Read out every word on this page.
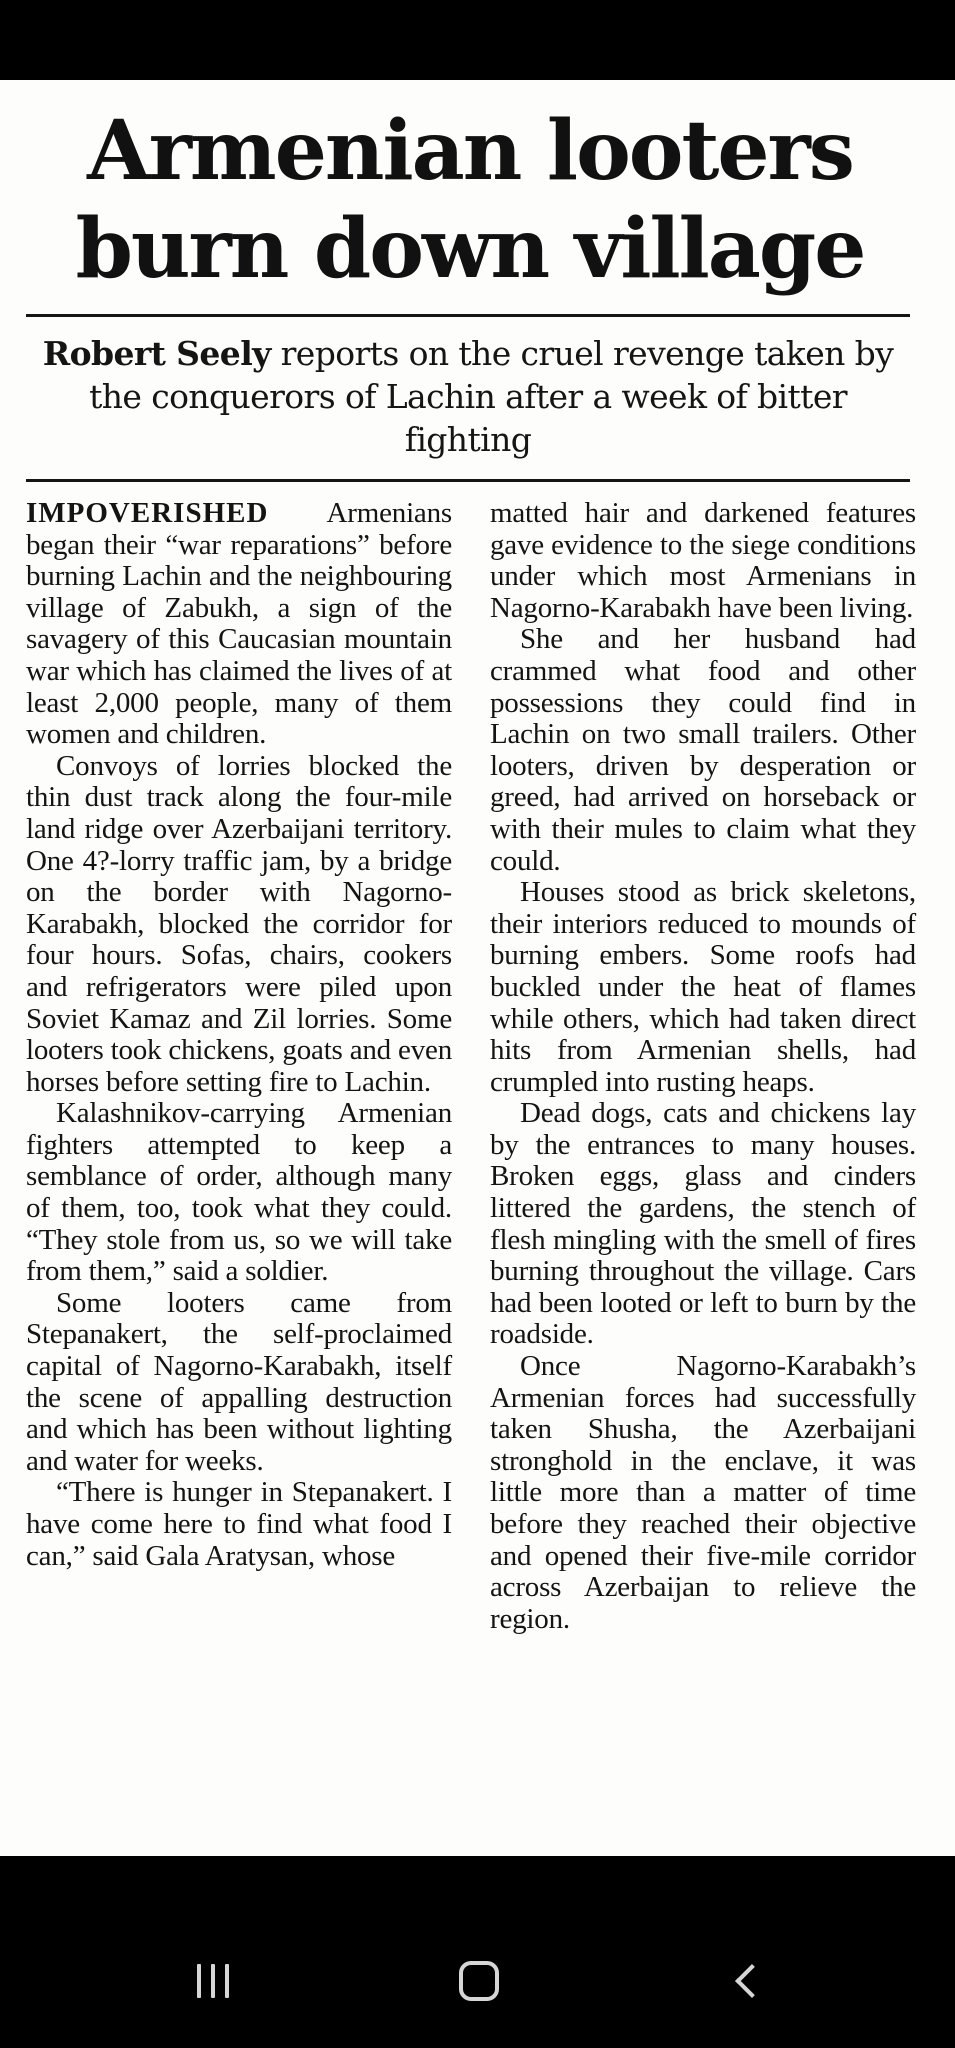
Armenian looters
burn down village

Robert Seely reports on the cruel revenge taken by the conquerors of Lachin after a week of bitter fighting

IMPOVERISHED Armenians began their “war reparations” before burning Lachin and the neighbouring village of Zabukh, a sign of the savagery of this Caucasian mountain war which has claimed the lives of at least 2,000 people, many of them women and children.

Convoys of lorries blocked the thin dust track along the four-mile land ridge over Azerbaijani territory. One 4?-lorry traffic jam, by a bridge on the border with Nagorno-Karabakh, blocked the corridor for four hours. Sofas, chairs, cookers and refrigerators were piled upon Soviet Kamaz and Zil lorries. Some looters took chickens, goats and even horses before setting fire to Lachin.

Kalashnikov-carrying Armenian fighters attempted to keep a semblance of order, although many of them, too, took what they could. “They stole from us, so we will take from them,” said a soldier.

Some looters came from Stepanakert, the self-proclaimed capital of Nagorno-Karabakh, itself the scene of appalling destruction and which has been without lighting and water for weeks.

“There is hunger in Stepanakert. I have come here to find what food I can,” said Gala Aratysan, whose

matted hair and darkened features gave evidence to the siege conditions under which most Armenians in Nagorno-Karabakh have been living.

She and her husband had crammed what food and other possessions they could find in Lachin on two small trailers. Other looters, driven by desperation or greed, had arrived on horseback or with their mules to claim what they could.

Houses stood as brick skeletons, their interiors reduced to mounds of burning embers. Some roofs had buckled under the heat of flames while others, which had taken direct hits from Armenian shells, had crumpled into rusting heaps.

Dead dogs, cats and chickens lay by the entrances to many houses. Broken eggs, glass and cinders littered the gardens, the stench of flesh mingling with the smell of fires burning throughout the village. Cars had been looted or left to burn by the roadside.

Once Nagorno-Karabakh’s Armenian forces had successfully taken Shusha, the Azerbaijani stronghold in the enclave, it was little more than a matter of time before they reached their objective and opened their five-mile corridor across Azerbaijan to relieve the region.
